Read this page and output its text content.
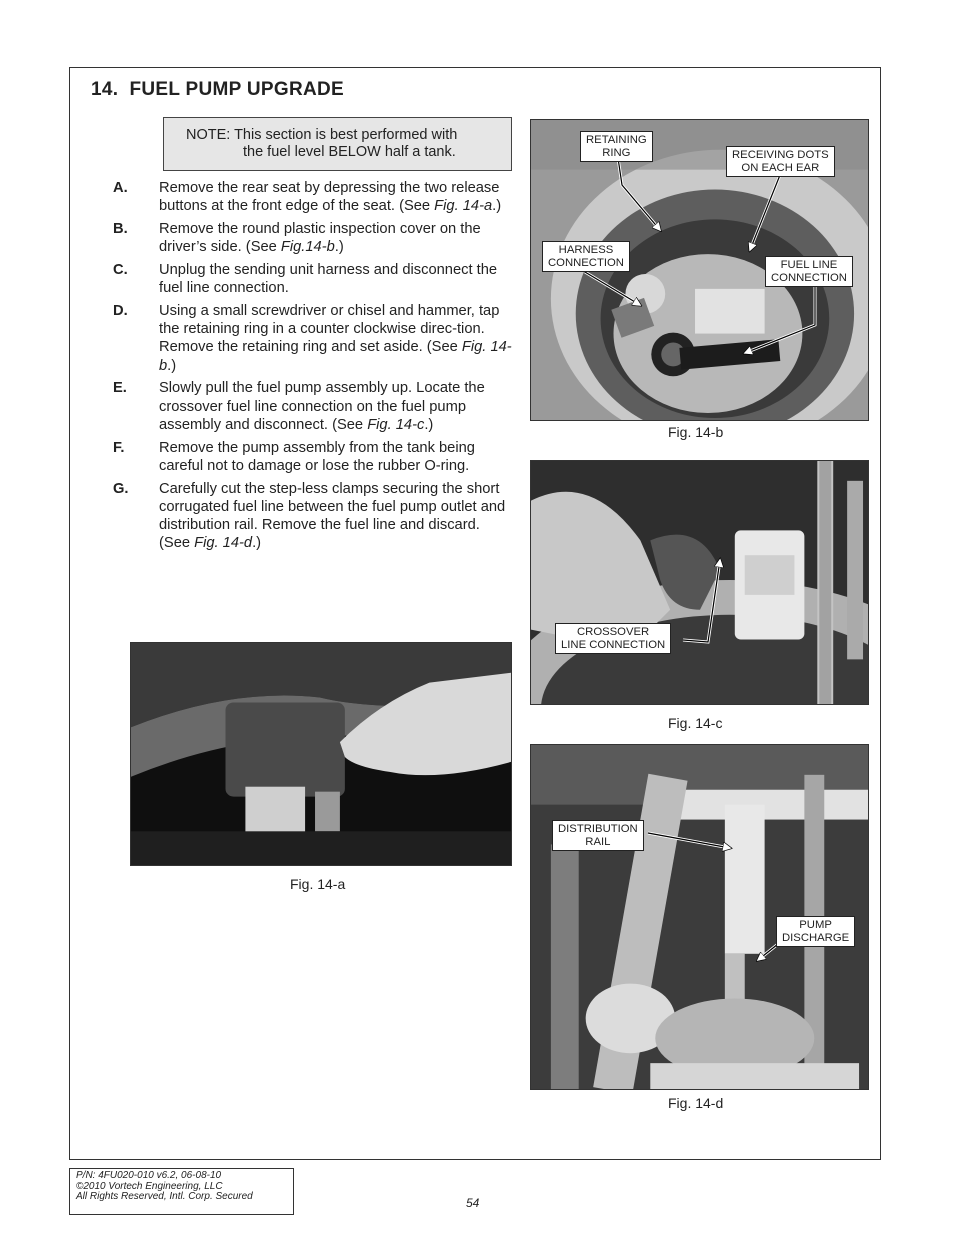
14. FUEL PUMP UPGRADE
NOTE: This section is best performed with
the fuel level BELOW half a tank.
A. Remove the rear seat by depressing the two release buttons at the front edge of the seat. (See Fig. 14-a.)
B. Remove the round plastic inspection cover on the driver’s side. (See Fig.14-b.)
C. Unplug the sending unit harness and disconnect the fuel line connection.
D. Using a small screwdriver or chisel and hammer, tap the retaining ring in a counter clockwise direc-tion. Remove the retaining ring and set aside. (See Fig. 14-b.)
E. Slowly pull the fuel pump assembly up. Locate the crossover fuel line connection on the fuel pump assembly and disconnect. (See Fig. 14-c.)
F. Remove the pump assembly from the tank being careful not to damage or lose the rubber O-ring.
G. Carefully cut the step-less clamps securing the short corrugated fuel line between the fuel pump outlet and distribution rail. Remove the fuel line and discard. (See Fig. 14-d.)
RETAINING
RING	RECEIVING DOTS
ON EACH EAR
HARNESS
CONNECTION	FUEL LINE
CONNECTION
CROSSOVER
LINE CONNECTION
DISTRIBUTION
RAIL
PUMP
DISCHARGE
Fig. 14-b
Fig. 14-c
Fig. 14-d
Fig. 14-a
P/N: 4FU020-010 v6.2, 06-08-10
©2010 Vortech Engineering, LLC
All Rights Reserved, Intl. Corp. Secured	54
